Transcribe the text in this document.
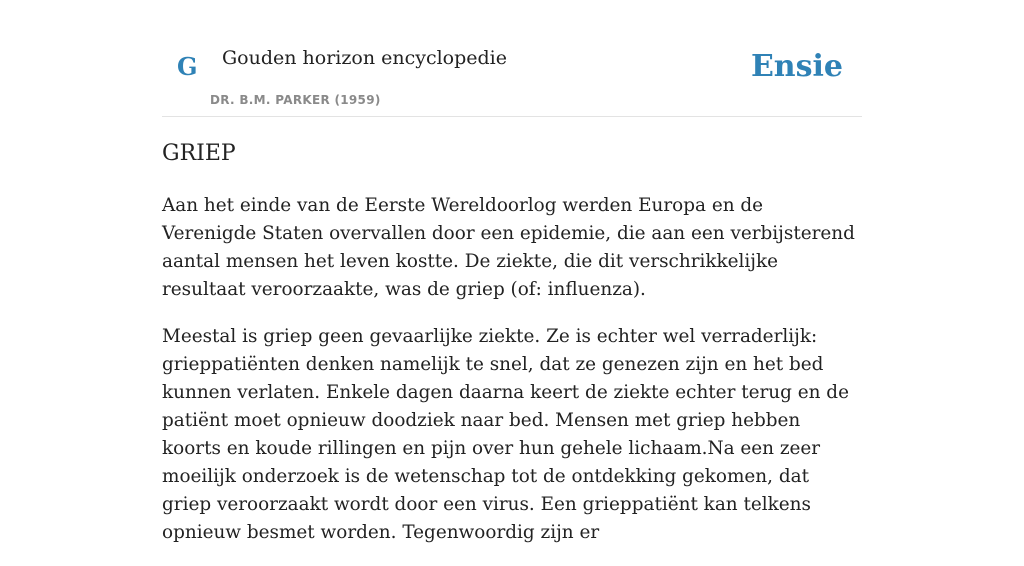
G Gouden horizon encyclopedie
DR. B.M. PARKER (1959)
Ensie
GRIEP

Aan het einde van de Eerste Wereldoorlog werden Europa en de Verenigde Staten overvallen door een epidemie, die aan een verbijsterend aantal mensen het leven kostte. De ziekte, die dit verschrikkelijke resultaat veroorzaakte, was de griep (of: influenza).

Meestal is griep geen gevaarlijke ziekte. Ze is echter wel verraderlijk: grieppatiënten denken namelijk te snel, dat ze genezen zijn en het bed kunnen verlaten. Enkele dagen daarna keert de ziekte echter terug en de patiënt moet opnieuw doodziek naar bed. Mensen met griep hebben koorts en koude rillingen en pijn over hun gehele lichaam.Na een zeer moeilijk onderzoek is de wetenschap tot de ontdekking gekomen, dat griep veroorzaakt wordt door een virus. Een grieppatiënt kan telkens opnieuw besmet worden. Tegenwoordig zijn er
